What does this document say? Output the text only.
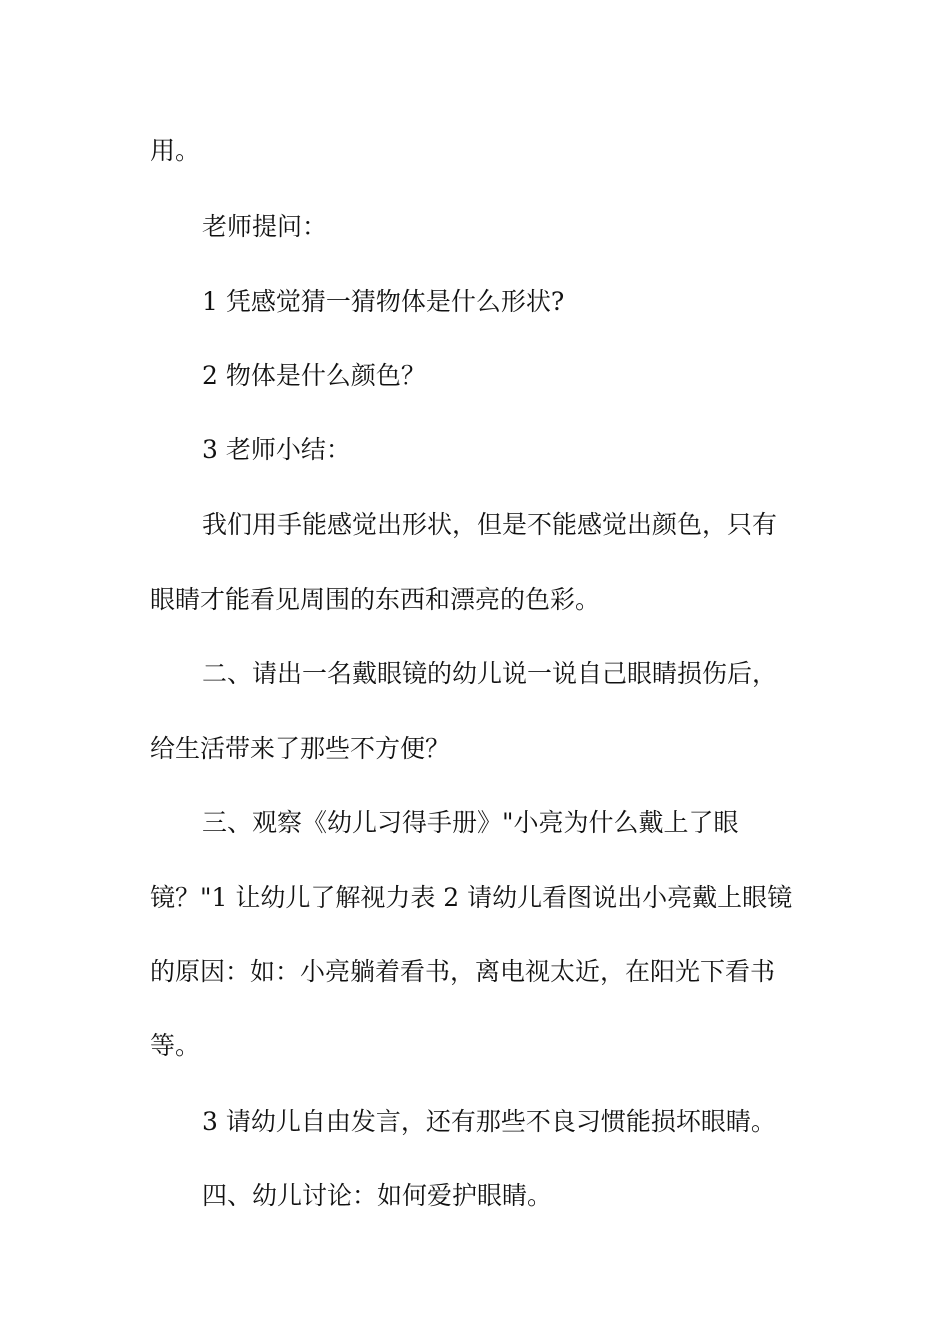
用。
老师提问：
1 凭感觉猜一猜物体是什么形状?
2 物体是什么颜色？
3 老师小结：
我们用手能感觉出形状，但是不能感觉出颜色，只有
眼睛才能看见周围的东西和漂亮的色彩。
二、请出一名戴眼镜的幼儿说一说自己眼睛损伤后，
给生活带来了那些不方便？
三、观察《幼儿习得手册》"小亮为什么戴上了眼
镜？"1 让幼儿了解视力表 2 请幼儿看图说出小亮戴上眼镜
的原因：如：小亮躺着看书，离电视太近，在阳光下看书
等。
3 请幼儿自由发言，还有那些不良习惯能损坏眼睛。
四、幼儿讨论：如何爱护眼睛。
